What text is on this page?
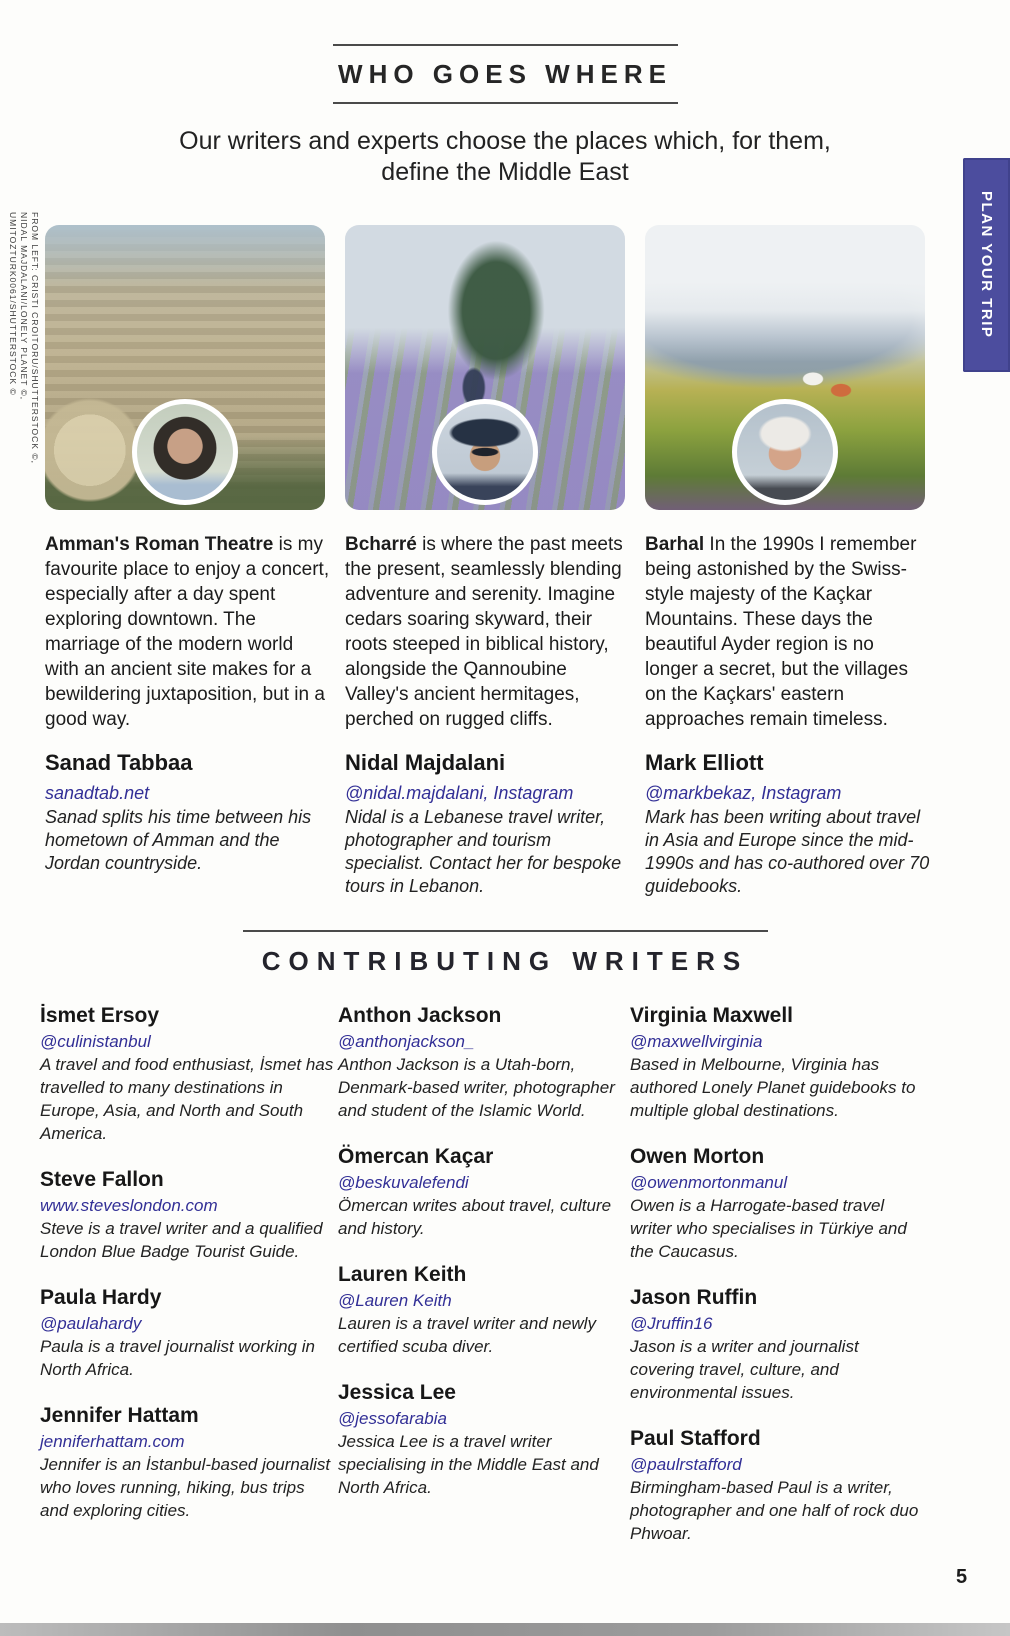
FROM LEFT: CRISTI CROITORU/SHUTTERSTOCK ©,
NIDAL MAJDALANI/LONELY PLANET ©,
UMITOZTURK0061/SHUTTERSTOCK ©	PLAN YOUR TRIP
WHO GOES WHERE

Our writers and experts choose the places which, for them, define the Middle East

Amman's Roman Theatre is my favourite place to enjoy a concert, especially after a day spent exploring downtown. The marriage of the modern world with an ancient site makes for a bewildering juxtaposition, but in a good way.

Sanad Tabbaa

sanadtab.net

Sanad splits his time between his hometown of Amman and the Jordan countryside.

Bcharré is where the past meets the present, seamlessly blending adventure and serenity. Imagine cedars soaring skyward, their roots steeped in biblical history, alongside the Qannoubine Valley's ancient hermitages, perched on rugged cliffs.

Nidal Majdalani

@nidal.majdalani, Instagram

Nidal is a Lebanese travel writer, photographer and tourism specialist. Contact her for bespoke tours in Lebanon.

Barhal In the 1990s I remember being astonished by the Swiss-style majesty of the Kaçkar Mountains. These days the beautiful Ayder region is no longer a secret, but the villages on the Kaçkars' eastern approaches remain timeless.

Mark Elliott

@markbekaz, Instagram

Mark has been writing about travel in Asia and Europe since the mid-1990s and has co-authored over 70 guidebooks.

CONTRIBUTING WRITERS
İsmet Ersoy

@culinistanbul

A travel and food enthusiast, İsmet has travelled to many destinations in Europe, Asia, and North and South America.

Steve Fallon

www.steveslondon.com

Steve is a travel writer and a qualified London Blue Badge Tourist Guide.

Paula Hardy

@paulahardy

Paula is a travel journalist working in North Africa.

Jennifer Hattam

jenniferhattam.com

Jennifer is an İstanbul-based journalist who loves running, hiking, bus trips and exploring cities.

Anthon Jackson

@anthonjackson_

Anthon Jackson is a Utah-born, Denmark-based writer, photographer and student of the Islamic World.

Ömercan Kaçar

@beskuvalefendi

Ömercan writes about travel, culture and history.

Lauren Keith

@Lauren Keith

Lauren is a travel writer and newly certified scuba diver.

Jessica Lee

@jessofarabia

Jessica Lee is a travel writer specialising in the Middle East and North Africa.

Virginia Maxwell

@maxwellvirginia

Based in Melbourne, Virginia has authored Lonely Planet guidebooks to multiple global destinations.

Owen Morton

@owenmortonmanul

Owen is a Harrogate-based travel writer who specialises in Türkiye and the Caucasus.

Jason Ruffin

@Jruffin16

Jason is a writer and journalist covering travel, culture, and environmental issues.

Paul Stafford

@paulrstafford

Birmingham-based Paul is a writer, photographer and one half of rock duo Phwoar.

5
